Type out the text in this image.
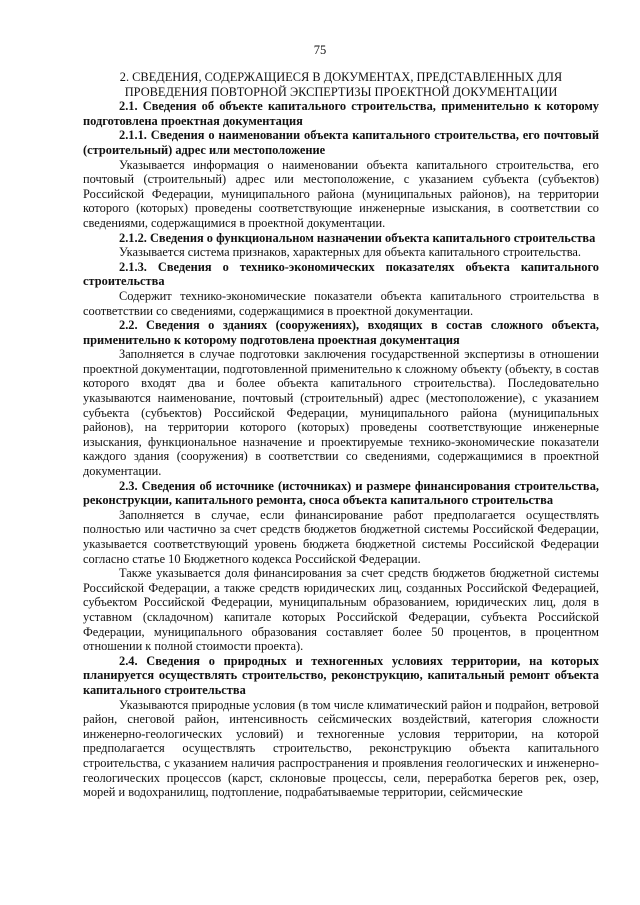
75

2. СВЕДЕНИЯ, СОДЕРЖАЩИЕСЯ В ДОКУМЕНТАХ, ПРЕДСТАВЛЕННЫХ ДЛЯ ПРОВЕДЕНИЯ ПОВТОРНОЙ ЭКСПЕРТИЗЫ ПРОЕКТНОЙ ДОКУМЕНТАЦИИ

2.1. Сведения об объекте капитального строительства, применительно к которому подготовлена проектная документация

2.1.1. Сведения о наименовании объекта капитального строительства, его почтовый (строительный) адрес или местоположение

Указывается информация о наименовании объекта капитального строительства, его почтовый (строительный) адрес или местоположение, с указанием субъекта (субъектов) Российской Федерации, муниципального района (муниципальных районов), на территории которого (которых) проведены соответствующие инженерные изыскания, в соответствии со сведениями, содержащимися в проектной документации.

2.1.2. Сведения о функциональном назначении объекта капитального строительства

Указывается система признаков, характерных для объекта капитального строительства.

2.1.3. Сведения о технико-экономических показателях объекта капитального строительства

Содержит технико-экономические показатели объекта капитального строительства в соответствии со сведениями, содержащимися в проектной документации.

2.2. Сведения о зданиях (сооружениях), входящих в состав сложного объекта, применительно к которому подготовлена проектная документация

Заполняется в случае подготовки заключения государственной экспертизы в отношении проектной документации, подготовленной применительно к сложному объекту (объекту, в состав которого входят два и более объекта капитального строительства). Последовательно указываются наименование, почтовый (строительный) адрес (местоположение), с указанием субъекта (субъектов) Российской Федерации, муниципального района (муниципальных районов), на территории которого (которых) проведены соответствующие инженерные изыскания, функциональное назначение и проектируемые технико-экономические показатели каждого здания (сооружения) в соответствии со сведениями, содержащимися в проектной документации.

2.3. Сведения об источнике (источниках) и размере финансирования строительства, реконструкции, капитального ремонта, сноса объекта капитального строительства

Заполняется в случае, если финансирование работ предполагается осуществлять полностью или частично за счет средств бюджетов бюджетной системы Российской Федерации, указывается соответствующий уровень бюджета бюджетной системы Российской Федерации согласно статье 10 Бюджетного кодекса Российской Федерации.

Также указывается доля финансирования за счет средств бюджетов бюджетной системы Российской Федерации, а также средств юридических лиц, созданных Российской Федерацией, субъектом Российской Федерации, муниципальным образованием, юридических лиц, доля в уставном (складочном) капитале которых Российской Федерации, субъекта Российской Федерации, муниципального образования составляет более 50 процентов, в процентном отношении к полной стоимости проекта).

2.4. Сведения о природных и техногенных условиях территории, на которых планируется осуществлять строительство, реконструкцию, капитальный ремонт объекта капитального строительства

Указываются природные условия (в том числе климатический район и подрайон, ветровой район, снеговой район, интенсивность сейсмических воздействий, категория сложности инженерно-геологических условий) и техногенные условия территории, на которой предполагается осуществлять строительство, реконструкцию объекта капитального строительства, с указанием наличия распространения и проявления геологических и инженерно-геологических процессов (карст, склоновые процессы, сели, переработка берегов рек, озер, морей и водохранилищ, подтопление, подрабатываемые территории, сейсмические
